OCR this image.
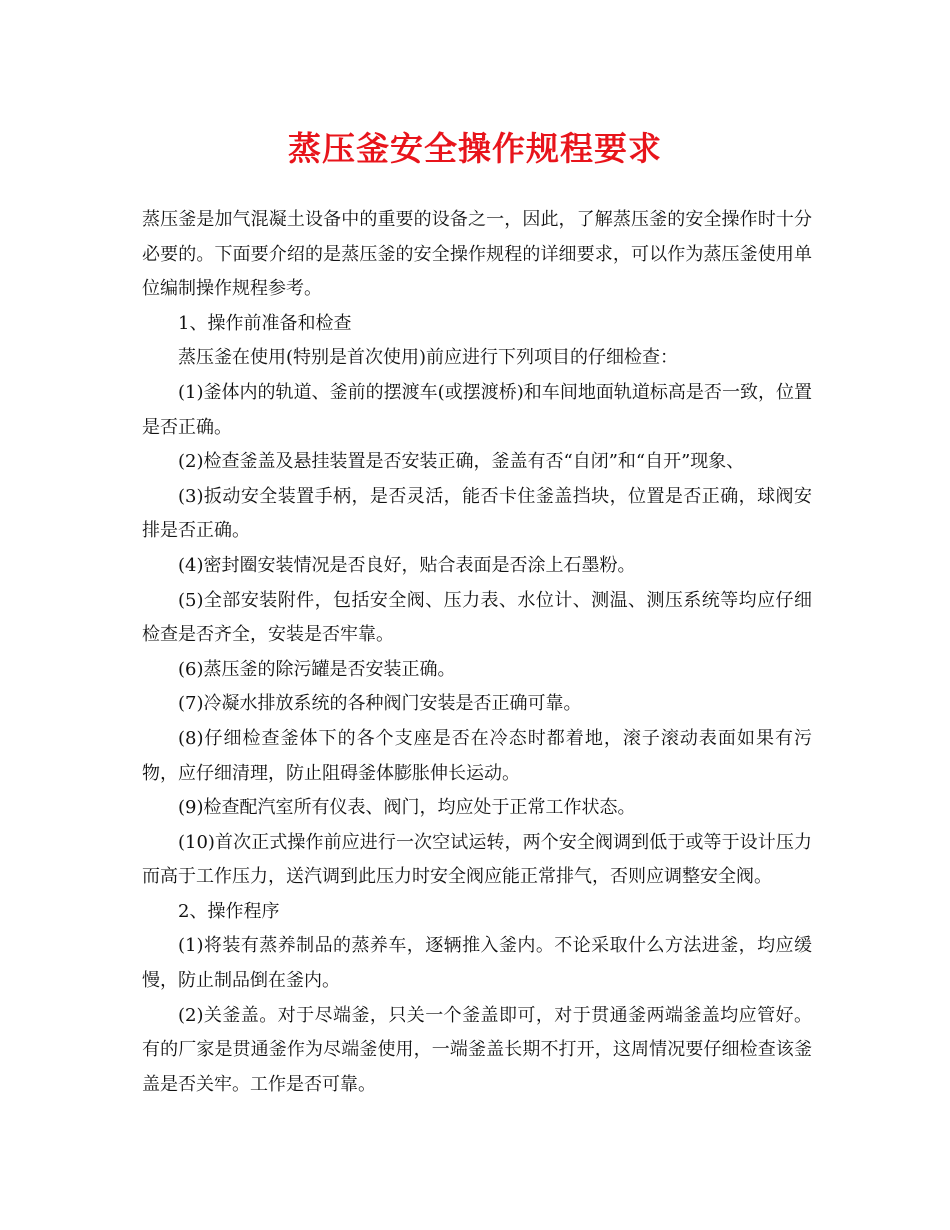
蒸压釜安全操作规程要求

蒸压釜是加气混凝土设备中的重要的设备之一，因此，了解蒸压釜的安全操作时十分必要的。下面要介绍的是蒸压釜的安全操作规程的详细要求，可以作为蒸压釜使用单位编制操作规程参考。

1、操作前准备和检查

蒸压釜在使用(特别是首次使用)前应进行下列项目的仔细检查：

(1)釜体内的轨道、釜前的摆渡车(或摆渡桥)和车间地面轨道标高是否一致，位置是否正确。

(2)检查釜盖及悬挂装置是否安装正确，釜盖有否“自闭”和“自开”现象、

(3)扳动安全装置手柄，是否灵活，能否卡住釜盖挡块，位置是否正确，球阀安排是否正确。

(4)密封圈安装情况是否良好，贴合表面是否涂上石墨粉。

(5)全部安装附件，包括安全阀、压力表、水位计、测温、测压系统等均应仔细检查是否齐全，安装是否牢靠。

(6)蒸压釜的除污罐是否安装正确。

(7)冷凝水排放系统的各种阀门安装是否正确可靠。

(8)仔细检查釜体下的各个支座是否在冷态时都着地，滚子滚动表面如果有污物，应仔细清理，防止阻碍釜体膨胀伸长运动。

(9)检查配汽室所有仪表、阀门，均应处于正常工作状态。

(10)首次正式操作前应进行一次空试运转，两个安全阀调到低于或等于设计压力而高于工作压力，送汽调到此压力时安全阀应能正常排气，否则应调整安全阀。

2、操作程序

(1)将装有蒸养制品的蒸养车，逐辆推入釜内。不论采取什么方法进釜，均应缓慢，防止制品倒在釜内。

(2)关釜盖。对于尽端釜，只关一个釜盖即可，对于贯通釜两端釜盖均应管好。有的厂家是贯通釜作为尽端釜使用，一端釜盖长期不打开，这周情况要仔细检查该釜盖是否关牢。工作是否可靠。
